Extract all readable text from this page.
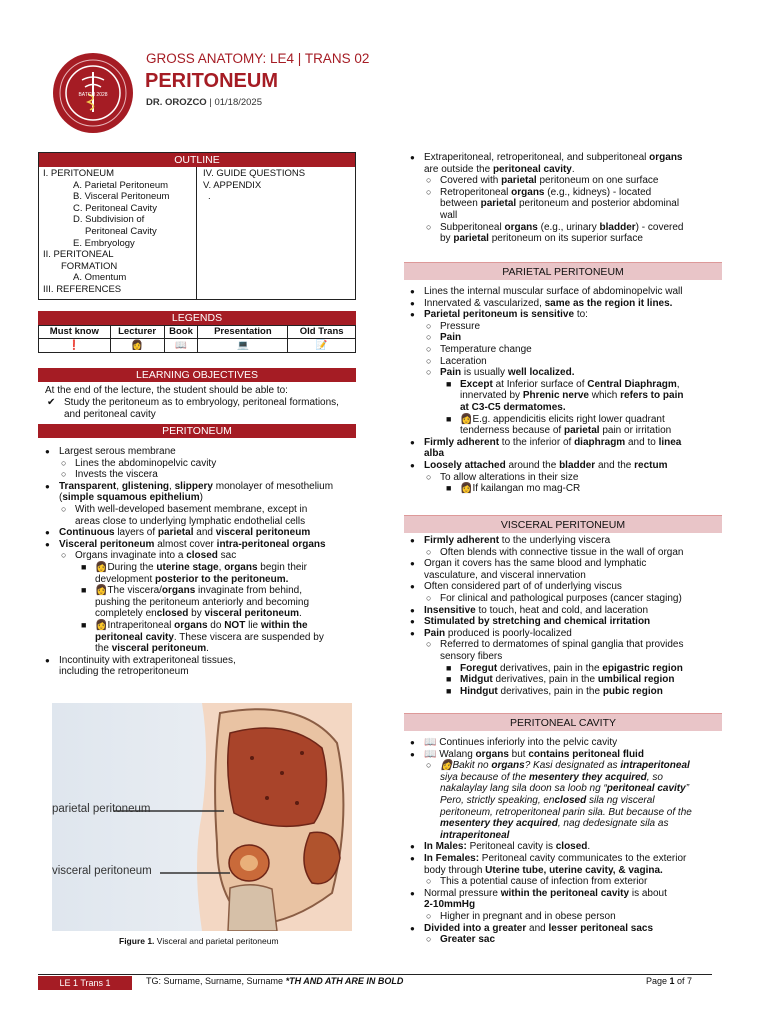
BATCH 2028
GROSS ANATOMY: LE4 | TRANS 02
PERITONEUM
DR. OROZCO | 01/18/2025
OUTLINE
I. PERITONEUM
A. Parietal Peritoneum
B. Visceral Peritoneum
C. Peritoneal Cavity
D. Subdivision of
Peritoneal Cavity
E. Embryology
II. PERITONEAL
FORMATION
A. Omentum
III. REFERENCES
IV. GUIDE QUESTIONS
V. APPENDIX
.
LEGENDS
Must know	Lecturer	Book	Presentation	Old Trans
❗	👩	📖	💻	📝
LEARNING OBJECTIVES
At the end of the lecture, the student should be able to:
✔ Study the peritoneum as to embryology, peritoneal formations,
and peritoneal cavity
PERITONEUM
● Largest serous membrane
○ Lines the abdominopelvic cavity
○ Invests the viscera
● Transparent, glistening, slippery monolayer of mesothelium
(simple squamous epithelium)
○ With well-developed basement membrane, except in
areas close to underlying lymphatic endothelial cells
● Continuous layers of parietal and visceral peritoneum
● Visceral peritoneum almost cover intra-peritoneal organs
○ Organs invaginate into a closed sac
■ 👩During the uterine stage, organs begin their
development posterior to the peritoneum.
■ 👩The viscera/organs invaginate from behind,
pushing the peritoneum anteriorly and becoming
completely enclosed by visceral peritoneum.
■ 👩Intraperitoneal organs do NOT lie within the
peritoneal cavity. These viscera are suspended by
the visceral peritoneum.
● Incontinuity with extraperitoneal tissues,
including the retroperitoneum
parietal peritoneum
visceral peritoneum
Figure 1. Visceral and parietal peritoneum
● Extraperitoneal, retroperitoneal, and subperitoneal organs
are outside the peritoneal cavity.
○ Covered with parietal peritoneum on one surface
○ Retroperitoneal organs (e.g., kidneys) - located
between parietal peritoneum and posterior abdominal
wall
○ Subperitoneal organs (e.g., urinary bladder) - covered
by parietal peritoneum on its superior surface
PARIETAL PERITONEUM
● Lines the internal muscular surface of abdominopelvic wall
● Innervated & vascularized, same as the region it lines.
● Parietal peritoneum is sensitive to:
○ Pressure
○ Pain
○ Temperature change
○ Laceration
○ Pain is usually well localized.
■ Except at Inferior surface of Central Diaphragm,
innervated by Phrenic nerve which refers to pain
at C3-C5 dermatomes.
■ 👩E.g. appendicitis elicits right lower quadrant
tenderness because of parietal pain or irritation
● Firmly adherent to the inferior of diaphragm and to linea
alba
● Loosely attached around the bladder and the rectum
○ To allow alterations in their size
■ 👩If kailangan mo mag-CR
VISCERAL PERITONEUM
● Firmly adherent to the underlying viscera
○ Often blends with connective tissue in the wall of organ
● Organ it covers has the same blood and lymphatic
vasculature, and visceral innervation
● Often considered part of of underlying viscus
○ For clinical and pathological purposes (cancer staging)
● Insensitive to touch, heat and cold, and laceration
● Stimulated by stretching and chemical irritation
● Pain produced is poorly-localized
○ Referred to dermatomes of spinal ganglia that provides
sensory fibers
■ Foregut derivatives, pain in the epigastric region
■ Midgut derivatives, pain in the umbilical region
■ Hindgut derivatives, pain in the pubic region
PERITONEAL CAVITY
● 📖 Continues inferiorly into the pelvic cavity
● 📖 Walang organs but contains peritoneal fluid
○ 👩Bakit no organs? Kasi designated as intraperitoneal
siya because of the mesentery they acquired, so
nakalaylay lang sila doon sa loob ng “peritoneal cavity”
Pero, strictly speaking, enclosed sila ng visceral
peritoneum, retroperitoneal parin sila. But because of the
mesentery they acquired, nag dedesignate sila as
intraperitoneal
● In Males: Peritoneal cavity is closed.
● In Females: Peritoneal cavity communicates to the exterior
body through Uterine tube, uterine cavity, & vagina.
○ This a potential cause of infection from exterior
● Normal pressure within the peritoneal cavity is about
2-10mmHg
○ Higher in pregnant and in obese person
● Divided into a greater and lesser peritoneal sacs
○ Greater sac
LE 1 Trans 1	TG: Surname, Surname, Surname *TH AND ATH ARE IN BOLD	Page 1 of 7
